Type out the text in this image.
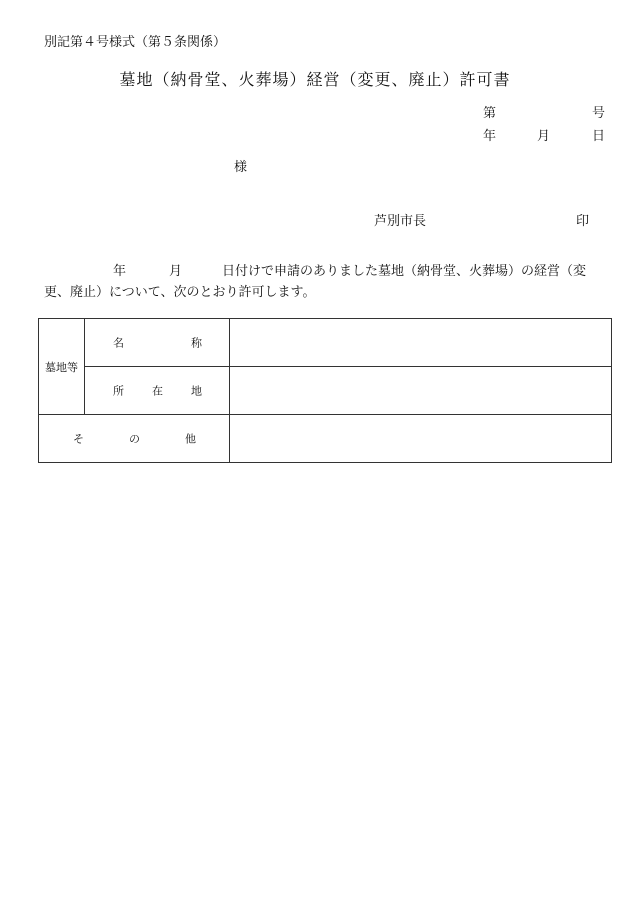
別記第４号様式（第５条関係）
墓地（納骨堂、火葬場）経営（変更、廃止）許可書
第	号
年	月	日
様
芦別市長	印
年	月	日付けで申請のありました墓地（納骨堂、火葬場）の経営（変
更、廃止）について、次のとおり許可します。
墓地等	名 称	

	所 在 地	

そ の 他		
